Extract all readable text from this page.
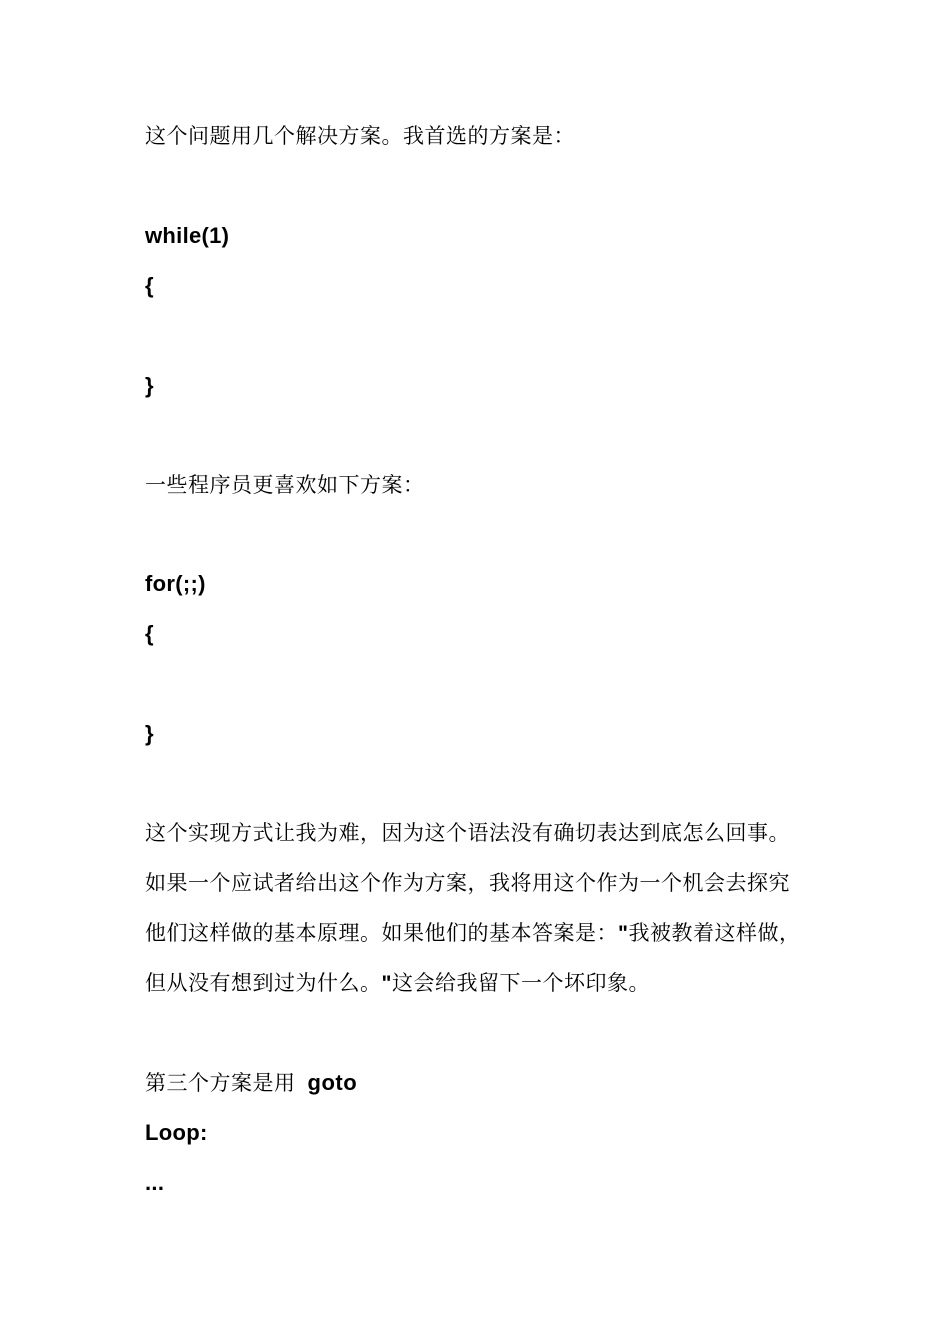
这个问题用几个解决方案。我首选的方案是：
while(1)
{
}
一些程序员更喜欢如下方案：
for(;;)
{
}
这个实现方式让我为难，因为这个语法没有确切表达到底怎么回事。
如果一个应试者给出这个作为方案，我将用这个作为一个机会去探究
他们这样做的基本原理。如果他们的基本答案是："我被教着这样做，
但从没有想到过为什么。"这会给我留下一个坏印象。
第三个方案是用 goto
Loop:
...
